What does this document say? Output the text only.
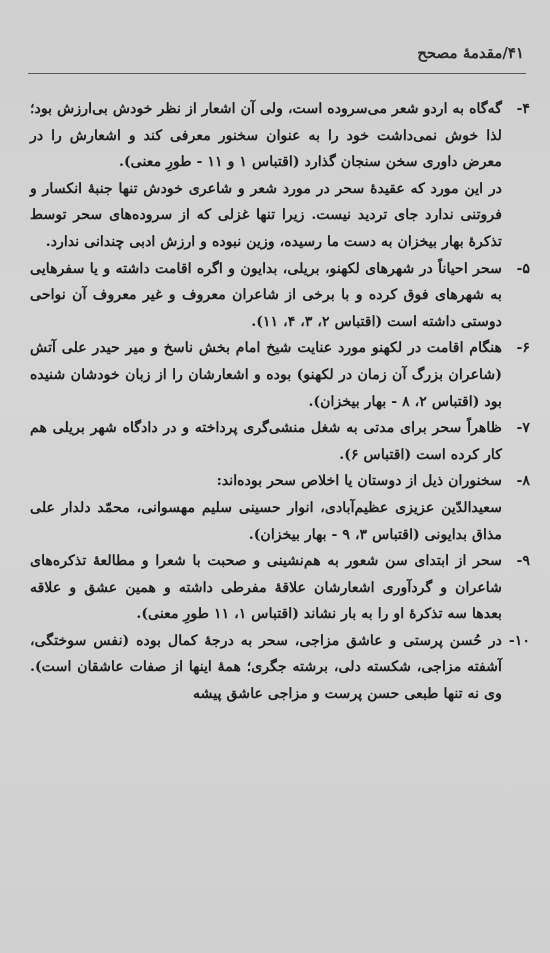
۴۱/مقدمهٔ مصحح
۴-
گه‌گاه به اردو شعر می‌سروده است، ولی آن اشعار از نظر خودش بی‌ارزش بود؛ لذا خوش نمی‌داشت خود را به عنوان سخنور معرفی کند و اشعارش را در معرض داوری سخن سنجان گذارد (اقتباس ۱ و ۱۱ - طورِ معنی).
در این مورد که عقیدهٔ سحر در مورد شعر و شاعری خودش تنها جنبهٔ انکسار و فروتنی ندارد جای تردید نیست. زیرا تنها غزلی که از سروده‌های سحر توسط تذکرهٔ بهار بیخزان به دست ما رسیده، وزین نبوده و ارزش ادبی چندانی ندارد.
۵-
سحر احیاناً در شهرهای لکهنو، بریلی، بدایون و اگره اقامت داشته و یا سفرهایی به شهرهای فوق کرده و با برخی از شاعران معروف و غیر معروف آن نواحی دوستی داشته است (اقتباس ۲، ۳، ۴، ۱۱).
۶-
هنگام اقامت در لکهنو مورد عنایت شیخ امام بخش ناسخ و میر حیدر علی آتش (شاعران بزرگ آن زمان در لکهنو) بوده و اشعارشان را از زبان خودشان شنیده بود (اقتباس ۲، ۸ - بهار بیخزان).
۷-
ظاهراً سحر برای مدتی به شغل منشی‌گری پرداخته و در دادگاه شهر بریلی هم کار کرده است (اقتباس ۶).
۸-
سخنوران ذیل از دوستان یا اخلاص سحر بوده‌اند:
سعیدالدّین عزیزی عظیم‌آبادی، انوار حسینی سلیم مهسوانی، محمّد دلدار علی مذاق بدایونی (اقتباس ۳، ۹ - بهار بیخزان).
۹-
سحر از ابتدای سن شعور به هم‌نشینی و صحبت با شعرا و مطالعهٔ تذکره‌های شاعران و گردآوری اشعارشان علاقهٔ مفرطی داشته و همین عشق و علاقه بعدها سه تذکرهٔ او را به بار نشاند (اقتباس ۱، ۱۱ طورِ معنی).
۱۰-
در حُسن پرستی و عاشق مزاجی، سحر به درجهٔ کمال بوده (نفس سوختگی، آشفته مزاجی، شکسته دلی، برشته جگری؛ همهٔ اینها از صفات عاشقان است). وی نه تنها طبعی حسن پرست و مزاجی عاشق پیشه
